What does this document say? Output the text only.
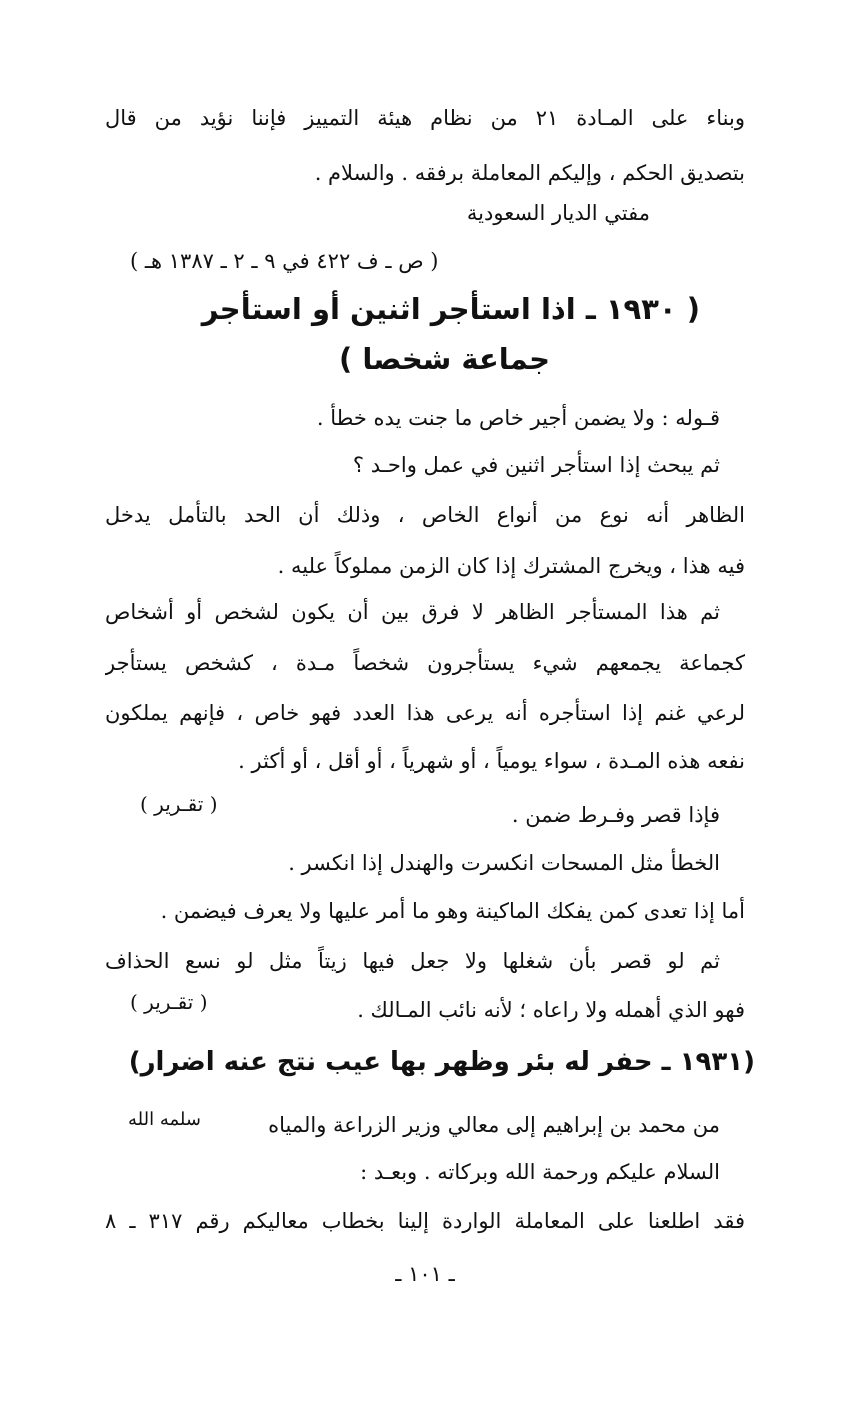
وبناء على المـادة ٢١ من نظام هيئة التمييز فإننا نؤيد من قال
بتصديق الحكم ، وإليكم المعاملة برفقه . والسلام .
مفتي الديار السعودية
( ص ـ ف ٤٢٢ في ٩ ـ ٢ ـ ١٣٨٧ هـ )
( ١٩٣٠ ـ اذا استأجر اثنين أو استأجر
جماعة شخصا )
قـوله : ولا يضمن أجير خاص ما جنت يده خطأ .
ثم يبحث إذا استأجر اثنين في عمل واحـد ؟
الظاهر أنه نوع من أنواع الخاص ، وذلك أن الحد بالتأمل يدخل
فيه هذا ، ويخرج المشترك إذا كان الزمن مملوكاً عليه .
ثم هذا المستأجر الظاهر لا فرق بين أن يكون لشخص أو أشخاص
كجماعة يجمعهم شيء يستأجرون شخصاً مـدة ، كشخص يستأجر
لرعي غنم إذا استأجره أنه يرعى هذا العدد فهو خاص ، فإنهم يملكون
نفعه هذه المـدة ، سواء يومياً ، أو شهرياً ، أو أقل ، أو أكثر .
فإذا قصر وفـرط ضمن .
( تقـرير )
الخطأ مثل المسحات انكسرت والهندل إذا انكسر .
أما إذا تعدى كمن يفكك الماكينة وهو ما أمر عليها ولا يعرف فيضمن .
ثم لو قصر بأن شغلها ولا جعل فيها زيتاً مثل لو نسع الحذاف
فهو الذي أهمله ولا راعاه ؛ لأنه نائب المـالك .
( تقـرير )
(١٩٣١ ـ حفر له بئر وظهر بها عيب نتج عنه اضرار)
من محمد بن إبراهيم إلى معالي وزير الزراعة والمياه
سلمه الله
السلام عليكم ورحمة الله وبركاته . وبعـد :
فقد اطلعنا على المعاملة الواردة إلينا بخطاب معاليكم رقم ٣١٧ ـ ٨
ـ ١٠١ ـ
